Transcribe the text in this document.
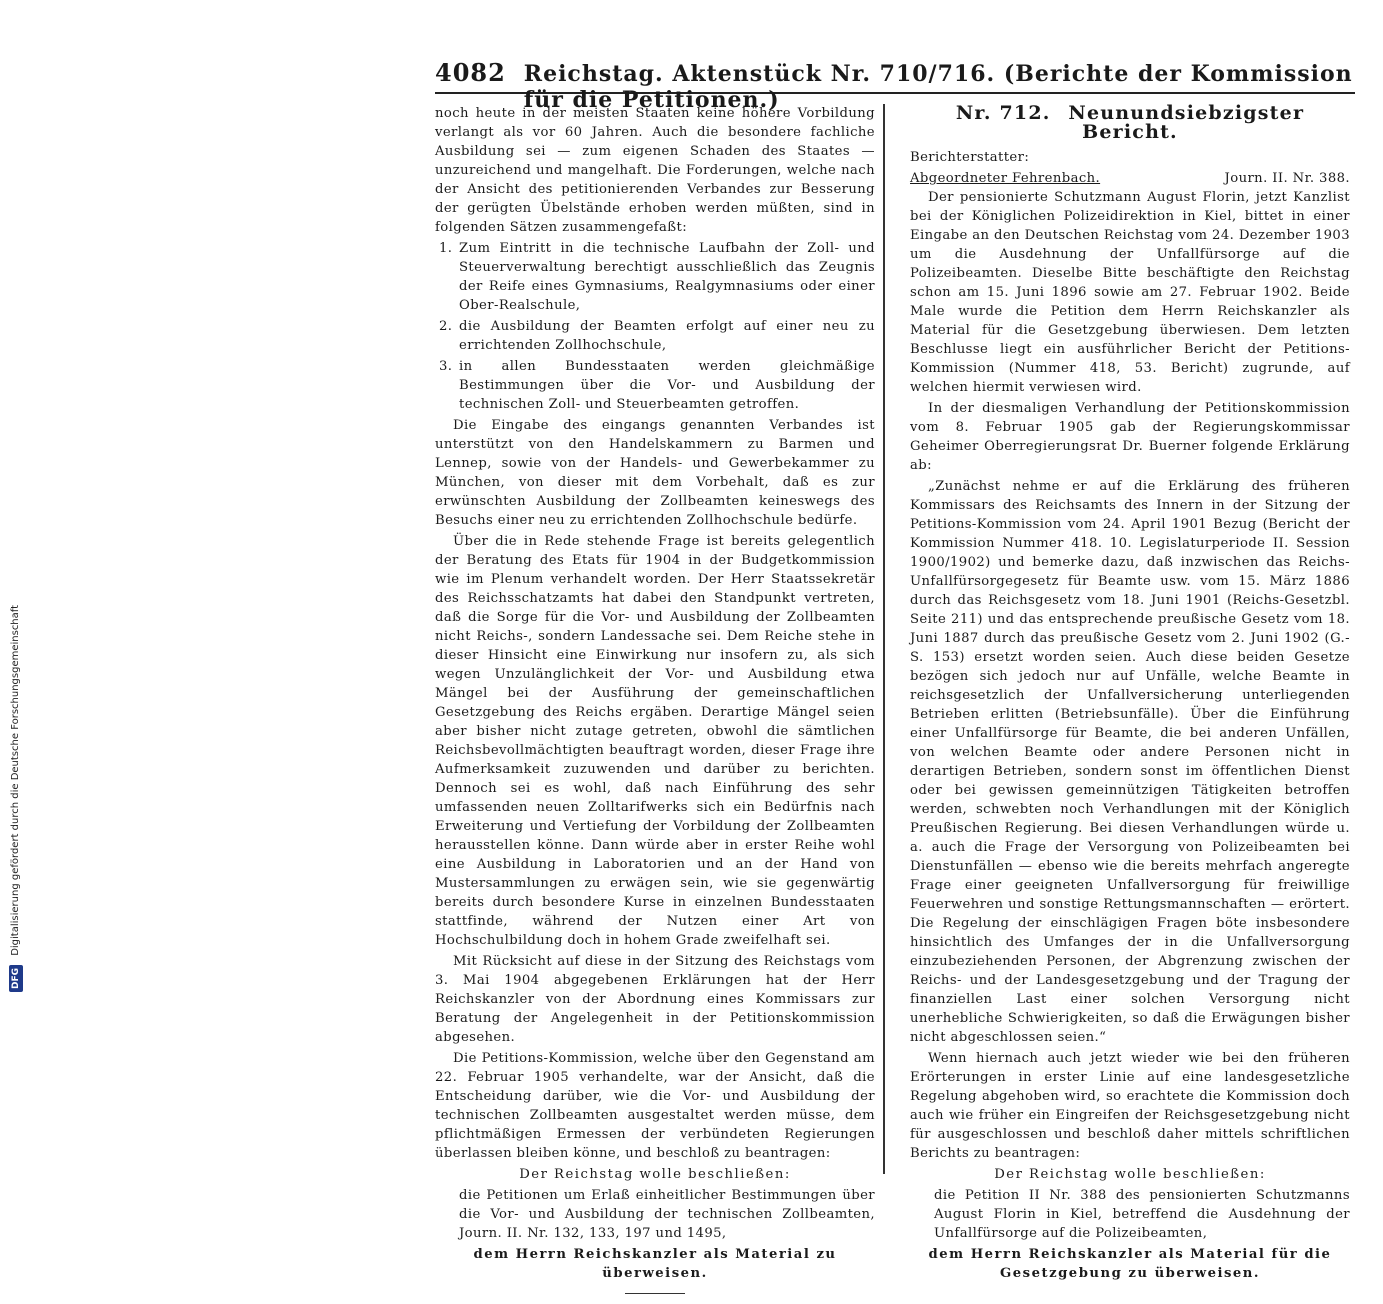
DFG Digitalisierung gefördert durch die Deutsche Forschungsgemeinschaft
4082 Reichstag. Aktenstück Nr. 710/716. (Berichte der Kommission für die Petitionen.)

noch heute in der meisten Staaten keine höhere Vorbildung verlangt als vor 60 Jahren. Auch die besondere fachliche Ausbildung sei — zum eigenen Schaden des Staates — unzureichend und mangelhaft. Die Forderungen, welche nach der Ansicht des petitionierenden Verbandes zur Besserung der gerügten Übelstände erhoben werden müßten, sind in folgenden Sätzen zusammengefaßt:

1. Zum Eintritt in die technische Laufbahn der Zoll- und Steuerverwaltung berechtigt ausschließlich das Zeugnis der Reife eines Gymnasiums, Realgymnasiums oder einer Ober-Realschule,

2. die Ausbildung der Beamten erfolgt auf einer neu zu errichtenden Zollhochschule,

3. in allen Bundesstaaten werden gleichmäßige Bestimmungen über die Vor- und Ausbildung der technischen Zoll- und Steuerbeamten getroffen.

Die Eingabe des eingangs genannten Verbandes ist unterstützt von den Handelskammern zu Barmen und Lennep, sowie von der Handels- und Gewerbekammer zu München, von dieser mit dem Vorbehalt, daß es zur erwünschten Ausbildung der Zollbeamten keineswegs des Besuchs einer neu zu errichtenden Zollhochschule bedürfe.

Über die in Rede stehende Frage ist bereits gelegentlich der Beratung des Etats für 1904 in der Budgetkommission wie im Plenum verhandelt worden. Der Herr Staatssekretär des Reichsschatzamts hat dabei den Standpunkt vertreten, daß die Sorge für die Vor- und Ausbildung der Zollbeamten nicht Reichs-, sondern Landessache sei. Dem Reiche stehe in dieser Hinsicht eine Einwirkung nur insofern zu, als sich wegen Unzulänglichkeit der Vor- und Ausbildung etwa Mängel bei der Ausführung der gemeinschaftlichen Gesetzgebung des Reichs ergäben. Derartige Mängel seien aber bisher nicht zutage getreten, obwohl die sämtlichen Reichsbevollmächtigten beauftragt worden, dieser Frage ihre Aufmerksamkeit zuzuwenden und darüber zu berichten. Dennoch sei es wohl, daß nach Einführung des sehr umfassenden neuen Zolltarifwerks sich ein Bedürfnis nach Erweiterung und Vertiefung der Vorbildung der Zollbeamten herausstellen könne. Dann würde aber in erster Reihe wohl eine Ausbildung in Laboratorien und an der Hand von Mustersammlungen zu erwägen sein, wie sie gegenwärtig bereits durch besondere Kurse in einzelnen Bundesstaaten stattfinde, während der Nutzen einer Art von Hochschulbildung doch in hohem Grade zweifelhaft sei.

Mit Rücksicht auf diese in der Sitzung des Reichstags vom 3. Mai 1904 abgegebenen Erklärungen hat der Herr Reichskanzler von der Abordnung eines Kommissars zur Beratung der Angelegenheit in der Petitionskommission abgesehen.

Die Petitions-Kommission, welche über den Gegenstand am 22. Februar 1905 verhandelte, war der Ansicht, daß die Entscheidung darüber, wie die Vor- und Ausbildung der technischen Zollbeamten ausgestaltet werden müsse, dem pflichtmäßigen Ermessen der verbündeten Regierungen überlassen bleiben könne, und beschloß zu beantragen:

Der Reichstag wolle beschließen:

die Petitionen um Erlaß einheitlicher Bestimmungen über die Vor- und Ausbildung der technischen Zollbeamten, Journ. II. Nr. 132, 133, 197 und 1495,

dem Herrn Reichskanzler als Material zu überweisen.

Nr. 712. Neunundsiebzigster Bericht.

Berichterstatter:

Abgeordneter Fehrenbach.	Journ. II. Nr. 388.

Der pensionierte Schutzmann August Florin, jetzt Kanzlist bei der Königlichen Polizeidirektion in Kiel, bittet in einer Eingabe an den Deutschen Reichstag vom 24. Dezember 1903 um die Ausdehnung der Unfallfürsorge auf die Polizeibeamten. Dieselbe Bitte beschäftigte den Reichstag schon am 15. Juni 1896 sowie am 27. Februar 1902. Beide Male wurde die Petition dem Herrn Reichskanzler als Material für die Gesetzgebung überwiesen. Dem letzten Beschlusse liegt ein ausführlicher Bericht der Petitions-Kommission (Nummer 418, 53. Bericht) zugrunde, auf welchen hiermit verwiesen wird.

In der diesmaligen Verhandlung der Petitionskommission vom 8. Februar 1905 gab der Regierungskommissar Geheimer Oberregierungsrat Dr. Buerner folgende Erklärung ab:

„Zunächst nehme er auf die Erklärung des früheren Kommissars des Reichsamts des Innern in der Sitzung der Petitions-Kommission vom 24. April 1901 Bezug (Bericht der Kommission Nummer 418. 10. Legislaturperiode II. Session 1900/1902) und bemerke dazu, daß inzwischen das Reichs-Unfallfürsorgegesetz für Beamte usw. vom 15. März 1886 durch das Reichsgesetz vom 18. Juni 1901 (Reichs-Gesetzbl. Seite 211) und das entsprechende preußische Gesetz vom 18. Juni 1887 durch das preußische Gesetz vom 2. Juni 1902 (G.-S. 153) ersetzt worden seien. Auch diese beiden Gesetze bezögen sich jedoch nur auf Unfälle, welche Beamte in reichsgesetzlich der Unfallversicherung unterliegenden Betrieben erlitten (Betriebsunfälle). Über die Einführung einer Unfallfürsorge für Beamte, die bei anderen Unfällen, von welchen Beamte oder andere Personen nicht in derartigen Betrieben, sondern sonst im öffentlichen Dienst oder bei gewissen gemeinnützigen Tätigkeiten betroffen werden, schwebten noch Verhandlungen mit der Königlich Preußischen Regierung. Bei diesen Verhandlungen würde u. a. auch die Frage der Versorgung von Polizeibeamten bei Dienstunfällen — ebenso wie die bereits mehrfach angeregte Frage einer geeigneten Unfallversorgung für freiwillige Feuerwehren und sonstige Rettungsmannschaften — erörtert. Die Regelung der einschlägigen Fragen böte insbesondere hinsichtlich des Umfanges der in die Unfallversorgung einzubeziehenden Personen, der Abgrenzung zwischen der Reichs- und der Landesgesetzgebung und der Tragung der finanziellen Last einer solchen Versorgung nicht unerhebliche Schwierigkeiten, so daß die Erwägungen bisher nicht abgeschlossen seien.“

Wenn hiernach auch jetzt wieder wie bei den früheren Erörterungen in erster Linie auf eine landesgesetzliche Regelung abgehoben wird, so erachtete die Kommission doch auch wie früher ein Eingreifen der Reichsgesetzgebung nicht für ausgeschlossen und beschloß daher mittels schriftlichen Berichts zu beantragen:

Der Reichstag wolle beschließen:

die Petition II Nr. 388 des pensionierten Schutzmanns August Florin in Kiel, betreffend die Ausdehnung der Unfallfürsorge auf die Polizeibeamten,

dem Herrn Reichskanzler als Material für die Gesetzgebung zu überweisen.
